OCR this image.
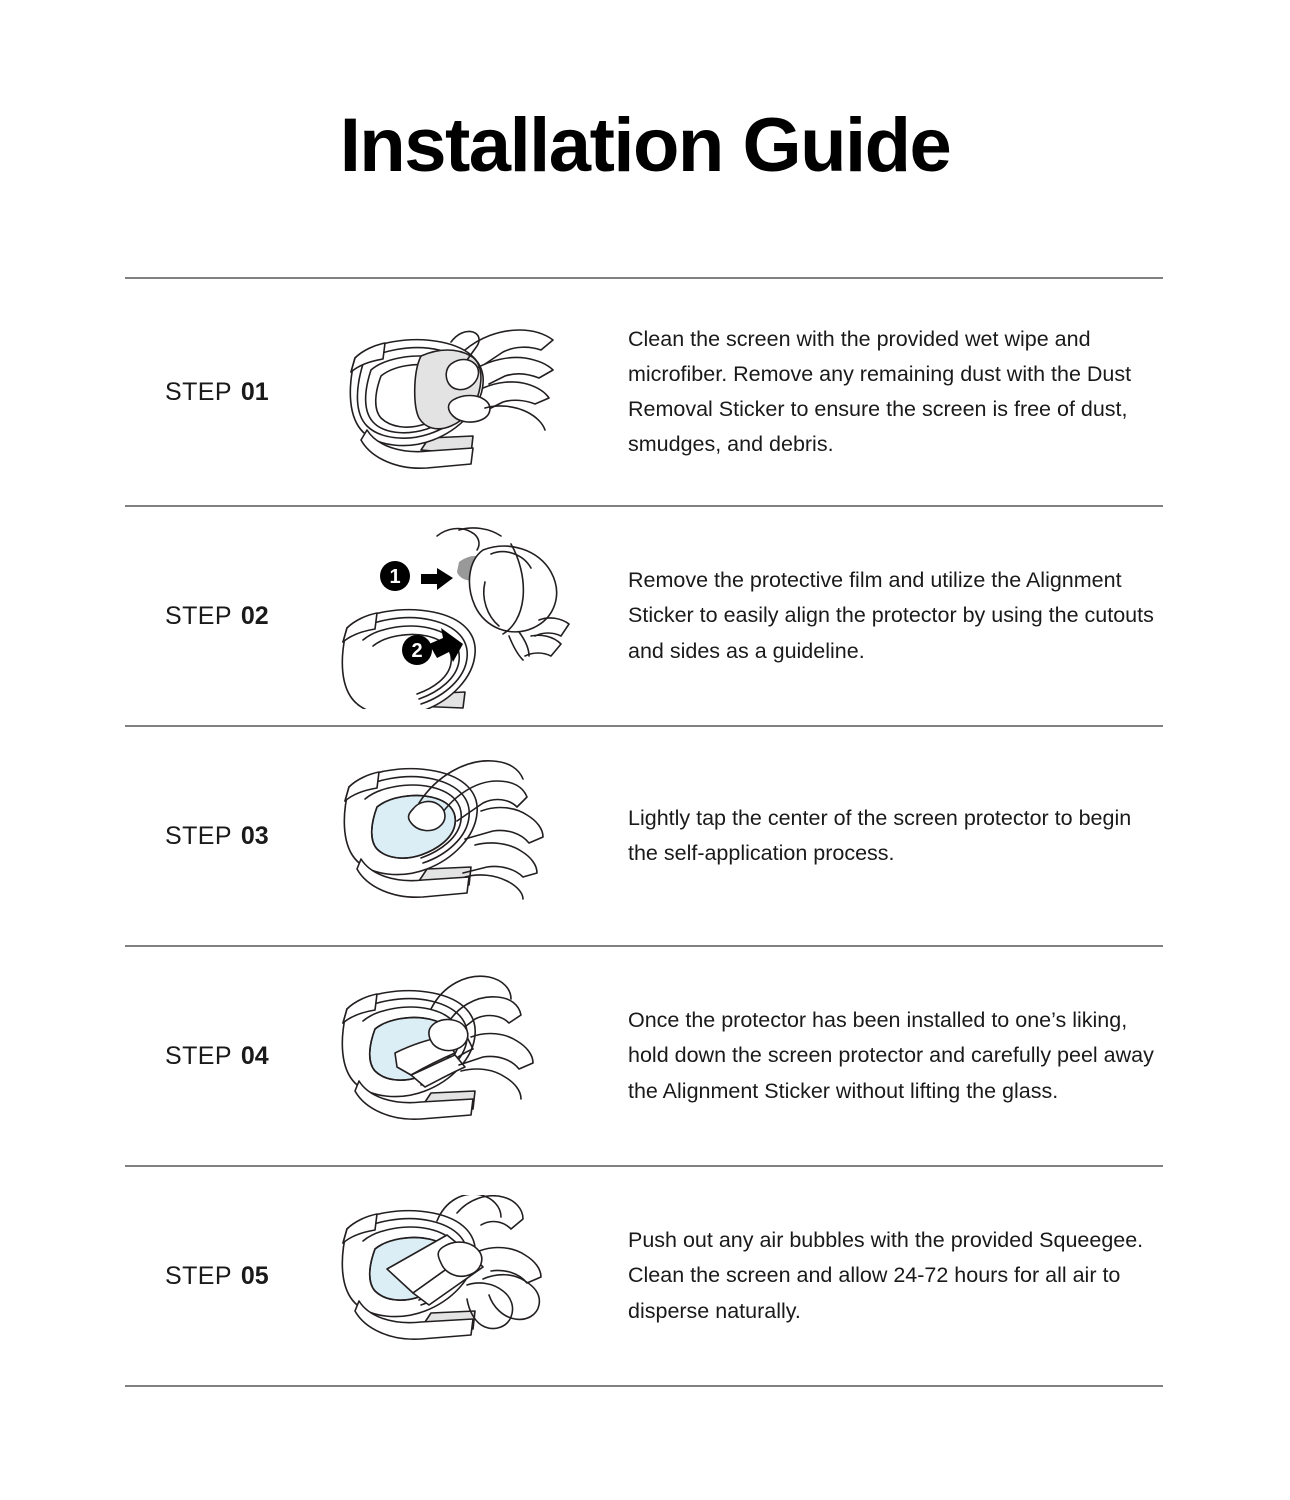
Installation Guide
STEP 01

Clean the screen with the provided wet wipe and microfiber. Remove any remaining dust with the Dust Removal Sticker to ensure the screen is free of dust, smudges, and debris.

STEP 02
1
2

Remove the protective film and utilize the Alignment Sticker to easily align the protector by using the cutouts and sides as a guideline.

STEP 03

Lightly tap the center of the screen protector to begin the self-application process.

STEP 04

Once the protector has been installed to one’s liking, hold down the screen protector and carefully peel away the Alignment Sticker without lifting the glass.

STEP 05

Push out any air bubbles with the provided Squeegee. Clean the screen and allow 24-72 hours for all air to disperse naturally.
